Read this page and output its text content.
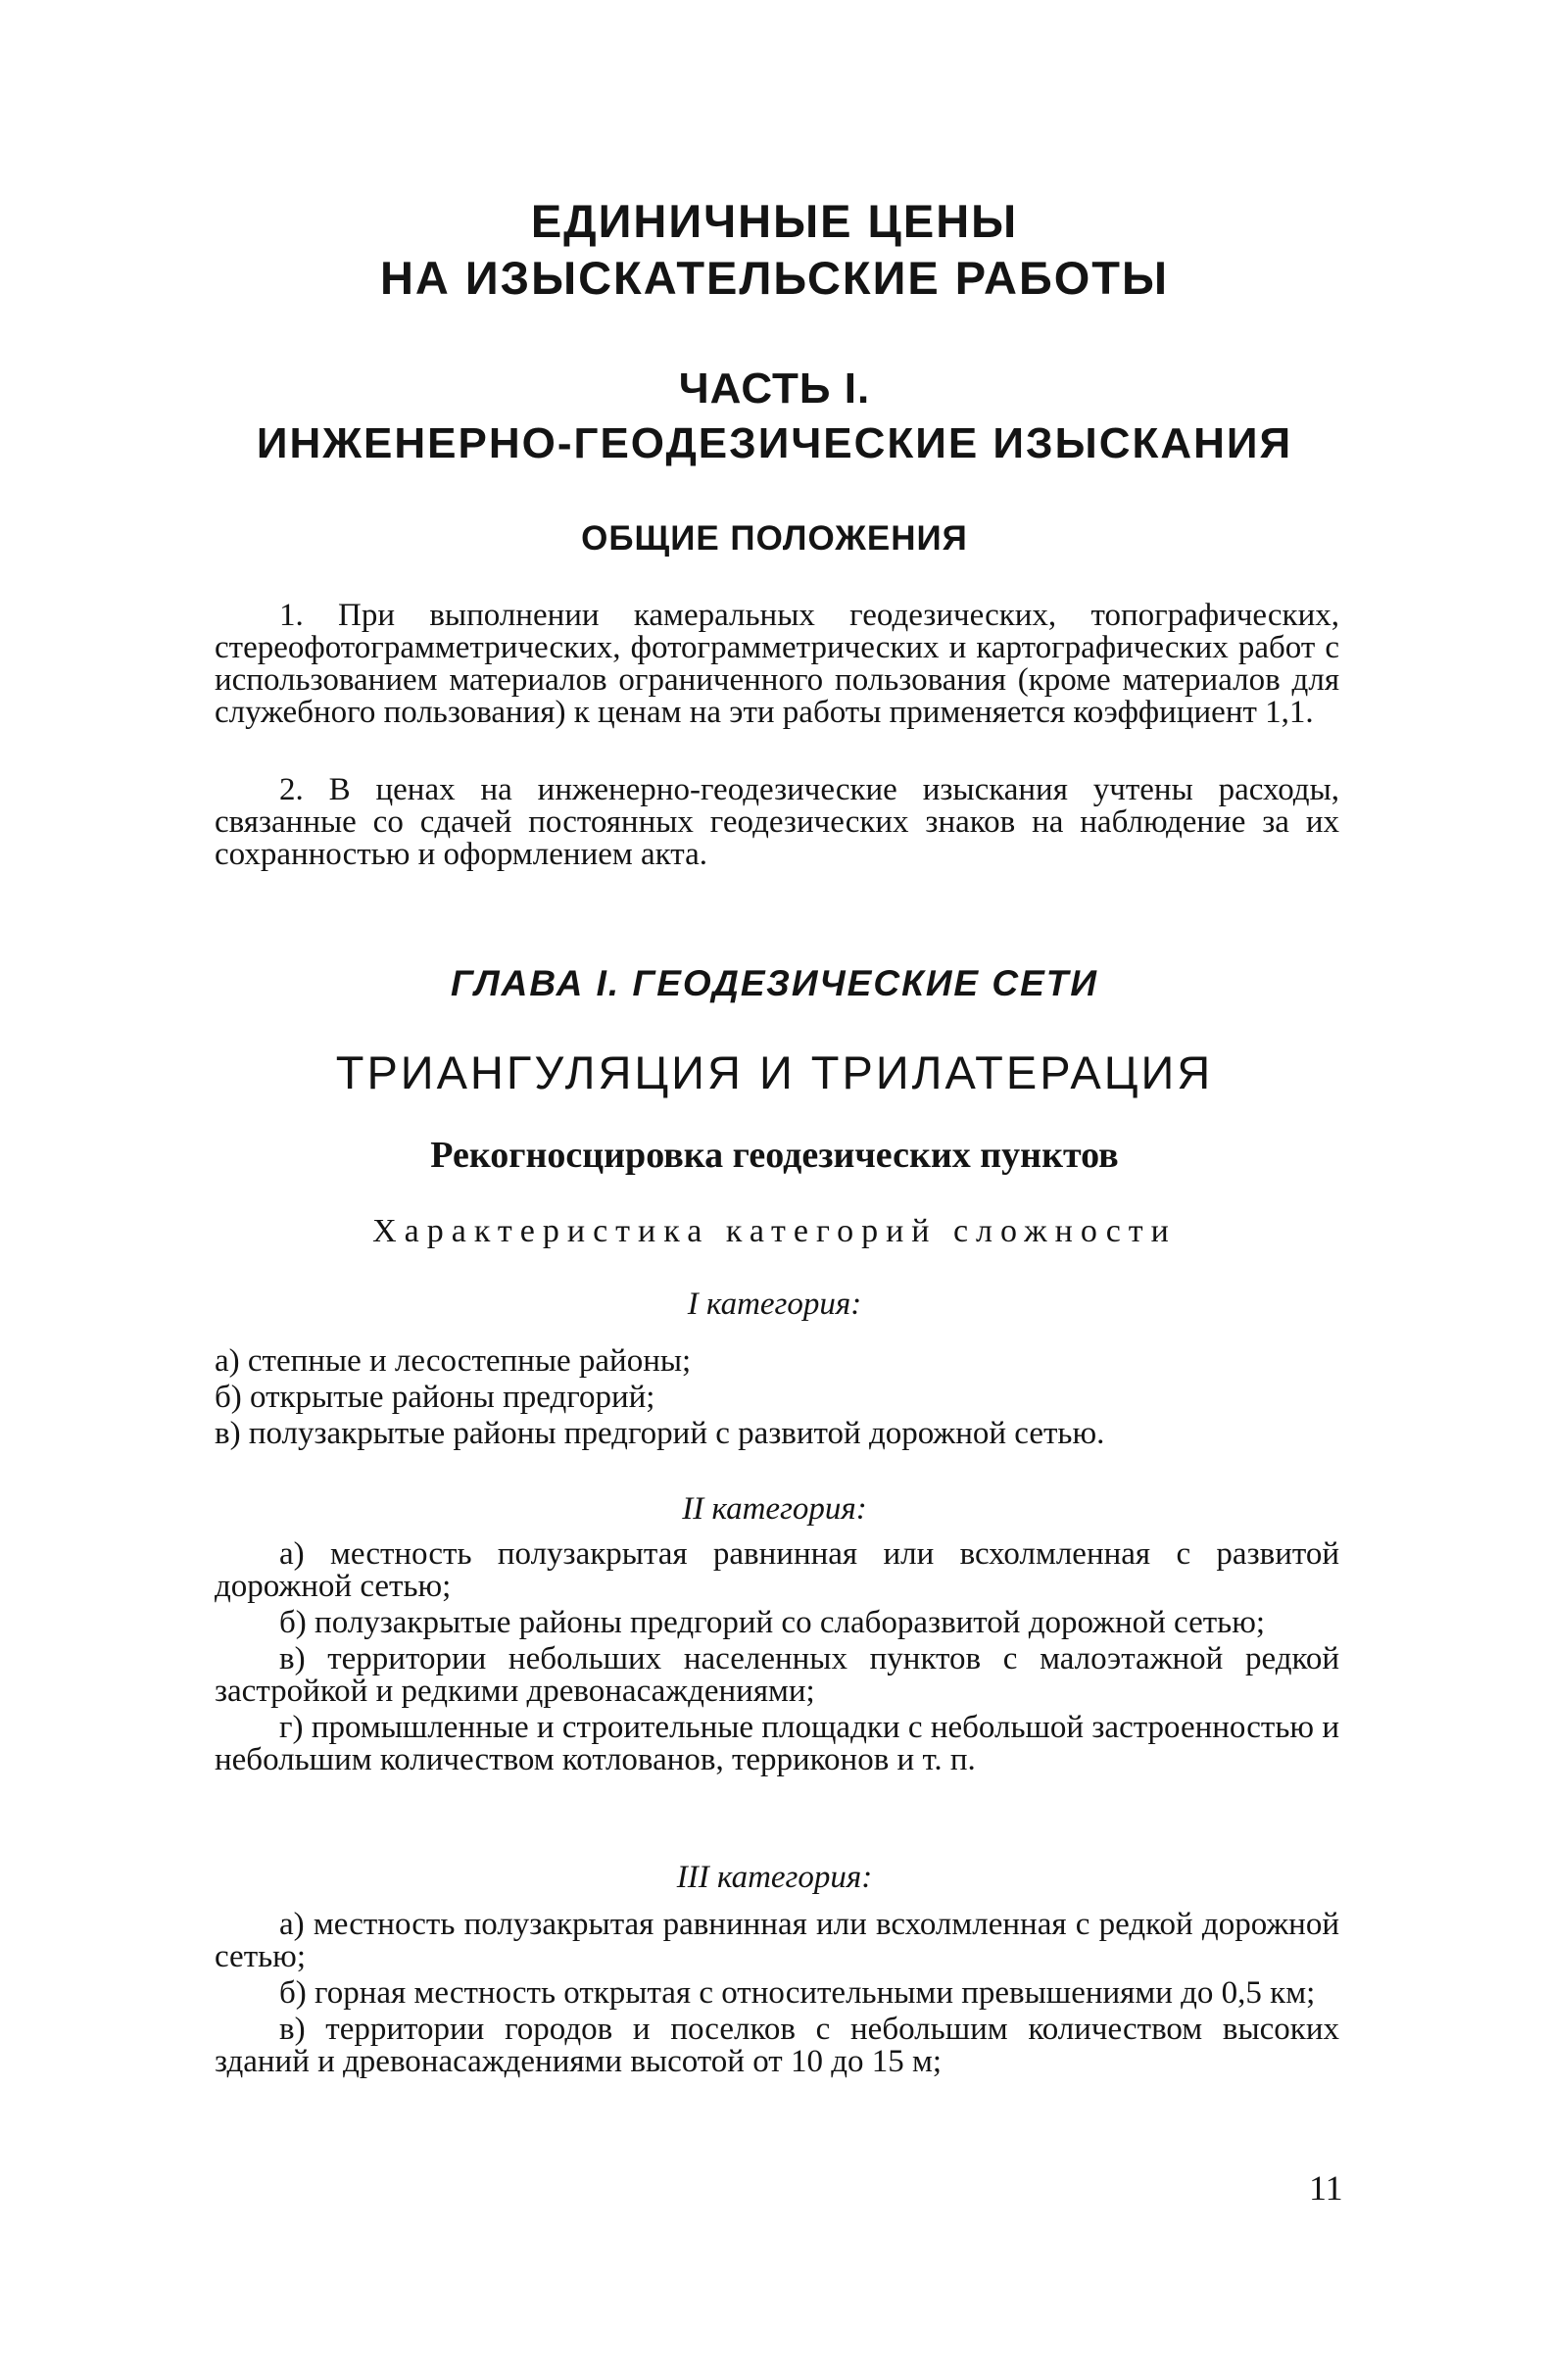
ЕДИНИЧНЫЕ ЦЕНЫ
НА ИЗЫСКАТЕЛЬСКИЕ РАБОТЫ
ЧАСТЬ I.
ИНЖЕНЕРНО-ГЕОДЕЗИЧЕСКИЕ ИЗЫСКАНИЯ
ОБЩИЕ ПОЛОЖЕНИЯ

1. При выполнении камеральных геодезических, топографических, стереофотограмметрических, фотограмметрических и картографических работ с использованием материалов ограниченного пользования (кроме материалов для служебного пользования) к ценам на эти работы применяется коэффициент 1,1.

2. В ценах на инженерно-геодезические изыскания учтены расходы, связанные со сдачей постоянных геодезических знаков на наблюдение за их сохранностью и оформлением акта.

ГЛАВА I. ГЕОДЕЗИЧЕСКИЕ СЕТИ
ТРИАНГУЛЯЦИЯ И ТРИЛАТЕРАЦИЯ
Рекогносцировка геодезических пунктов
Характеристика категорий сложности
I категория:

а) степные и лесостепные районы;

б) открытые районы предгорий;

в) полузакрытые районы предгорий с развитой дорожной сетью.

II категория:

а) местность полузакрытая равнинная или всхолмленная с развитой дорожной сетью;

б) полузакрытые районы предгорий со слаборазвитой дорожной сетью;

в) территории небольших населенных пунктов с малоэтажной редкой застройкой и редкими древонасаждениями;

г) промышленные и строительные площадки с небольшой застроенностью и небольшим количеством котлованов, терриконов и т. п.

III категория:

а) местность полузакрытая равнинная или всхолмленная с редкой дорожной сетью;

б) горная местность открытая с относительными превышениями до 0,5 км;

в) территории городов и поселков с небольшим количеством высоких зданий и древонасаждениями высотой от 10 до 15 м;

11
